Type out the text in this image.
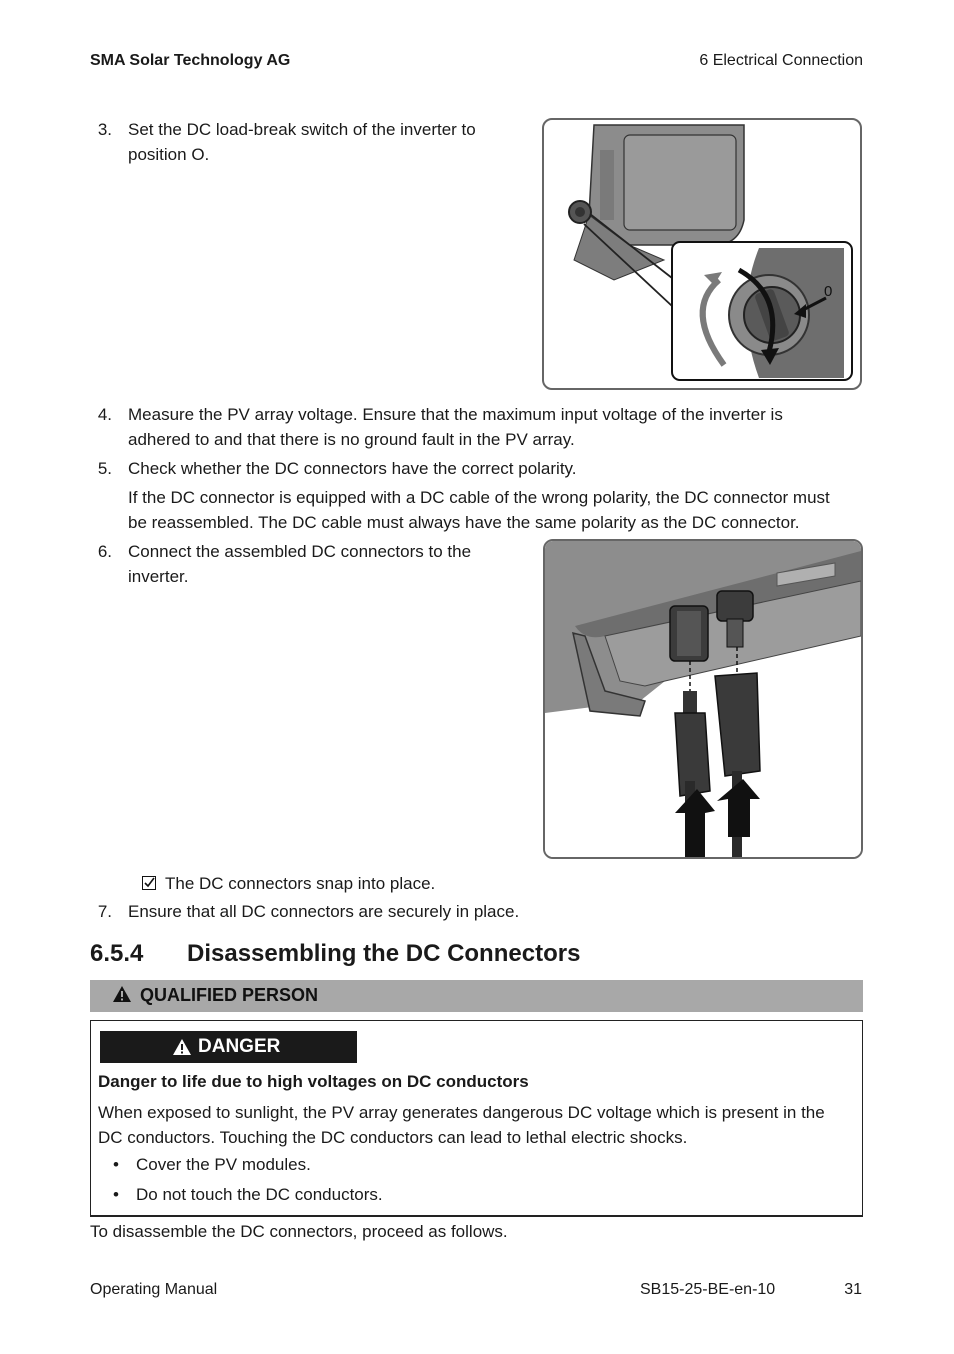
SMA Solar Technology AG	6 Electrical Connection
3. Set the DC load-break switch of the inverter to
position O.
0
4. Measure the PV array voltage. Ensure that the maximum input voltage of the inverter is
adhered to and that there is no ground fault in the PV array.
5. Check whether the DC connectors have the correct polarity.
If the DC connector is equipped with a DC cable of the wrong polarity, the DC connector must
be reassembled. The DC cable must always have the same polarity as the DC connector.
6. Connect the assembled DC connectors to the
inverter.
The DC connectors snap into place.
7. Ensure that all DC connectors are securely in place.
6.5.4 Disassembling the DC Connectors
QUALIFIED PERSON
DANGER
Danger to life due to high voltages on DC conductors
When exposed to sunlight, the PV array generates dangerous DC voltage which is present in the
DC conductors. Touching the DC conductors can lead to lethal electric shocks.
• Cover the PV modules.
• Do not touch the DC conductors.
To disassemble the DC connectors, proceed as follows.
Operating Manual	SB15-25-BE-en-10	31
